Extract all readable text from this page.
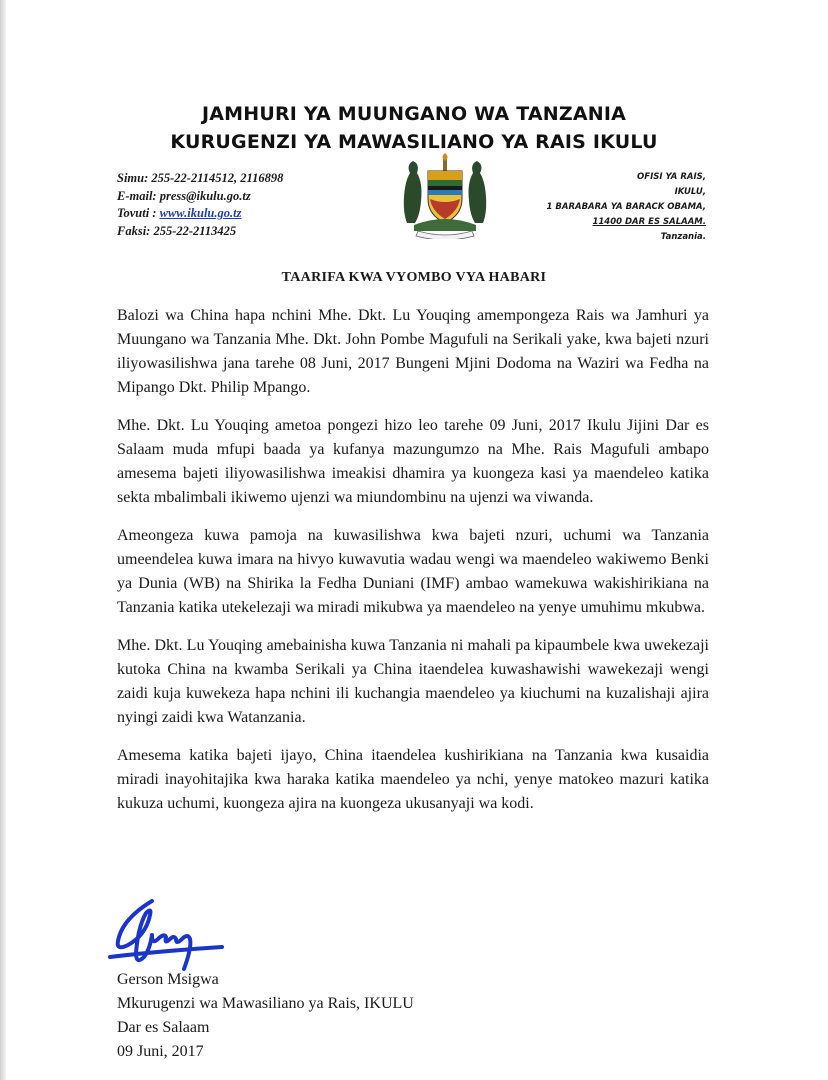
JAMHURI YA MUUNGANO WA TANZANIA
KURUGENZI YA MAWASILIANO YA RAIS IKULU
Simu: 255-22-2114512, 2116898
E-mail: press@ikulu.go.tz
Tovuti : www.ikulu.go.tz
Faksi: 255-22-2113425
OFISI YA RAIS,
IKULU,
1 BARABARA YA BARACK OBAMA,
11400 DAR ES SALAAM.
Tanzania.
TAARIFA KWA VYOMBO VYA HABARI

Balozi wa China hapa nchini Mhe. Dkt. Lu Youqing amempongeza Rais wa Jamhuri ya Muungano wa Tanzania Mhe. Dkt. John Pombe Magufuli na Serikali yake, kwa bajeti nzuri iliyowasilishwa jana tarehe 08 Juni, 2017 Bungeni Mjini Dodoma na Waziri wa Fedha na Mipango Dkt. Philip Mpango.

Mhe. Dkt. Lu Youqing ametoa pongezi hizo leo tarehe 09 Juni, 2017 Ikulu Jijini Dar es Salaam muda mfupi baada ya kufanya mazungumzo na Mhe. Rais Magufuli ambapo amesema bajeti iliyowasilishwa imeakisi dhamira ya kuongeza kasi ya maendeleo katika sekta mbalimbali ikiwemo ujenzi wa miundombinu na ujenzi wa viwanda.

Ameongeza kuwa pamoja na kuwasilishwa kwa bajeti nzuri, uchumi wa Tanzania umeendelea kuwa imara na hivyo kuwavutia wadau wengi wa maendeleo wakiwemo Benki ya Dunia (WB) na Shirika la Fedha Duniani (IMF) ambao wamekuwa wakishirikiana na Tanzania katika utekelezaji wa miradi mikubwa ya maendeleo na yenye umuhimu mkubwa.

Mhe. Dkt. Lu Youqing amebainisha kuwa Tanzania ni mahali pa kipaumbele kwa uwekezaji kutoka China na kwamba Serikali ya China itaendelea kuwashawishi wawekezaji wengi zaidi kuja kuwekeza hapa nchini ili kuchangia maendeleo ya kiuchumi na kuzalishaji ajira nyingi zaidi kwa Watanzania.

Amesema katika bajeti ijayo, China itaendelea kushirikiana na Tanzania kwa kusaidia miradi inayohitajika kwa haraka katika maendeleo ya nchi, yenye matokeo mazuri katika kukuza uchumi, kuongeza ajira na kuongeza ukusanyaji wa kodi.

Gerson Msigwa
Mkurugenzi wa Mawasiliano ya Rais, IKULU
Dar es Salaam
09 Juni, 2017
